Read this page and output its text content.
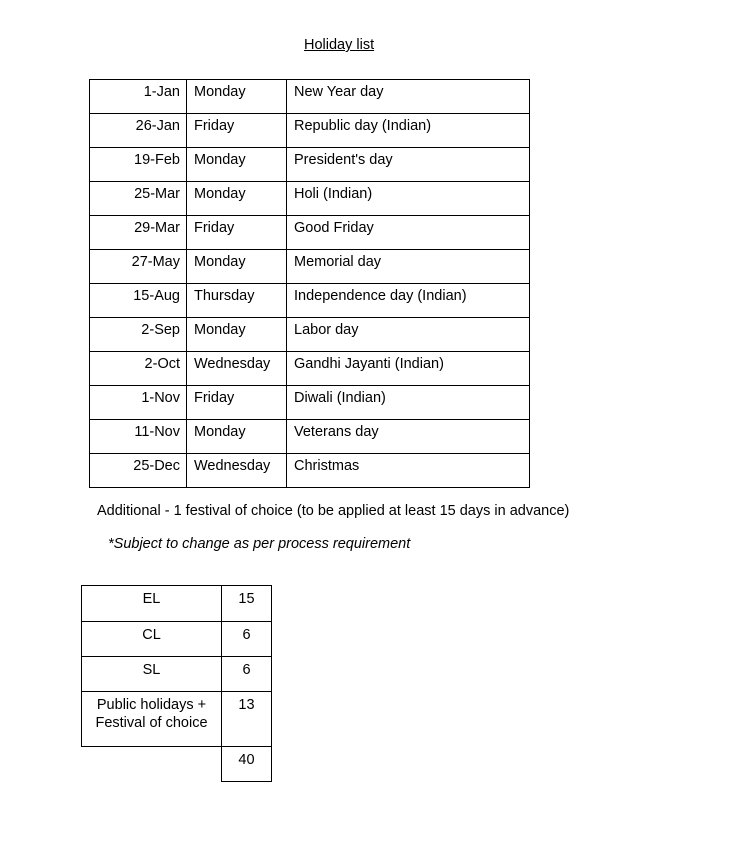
Holiday list
1-Jan	Monday	New Year day
26-Jan	Friday	Republic day (Indian)
19-Feb	Monday	President's day
25-Mar	Monday	Holi (Indian)
29-Mar	Friday	Good Friday
27-May	Monday	Memorial day
15-Aug	Thursday	Independence day (Indian)
2-Sep	Monday	Labor day
2-Oct	Wednesday	Gandhi Jayanti (Indian)
1-Nov	Friday	Diwali (Indian)
11-Nov	Monday	Veterans day
25-Dec	Wednesday	Christmas
Additional - 1 festival of choice (to be applied at least 15 days in advance)
*Subject to change as per process requirement
EL	15
CL	6
SL	6

Public holidays +
Festival of choice	13
	40
